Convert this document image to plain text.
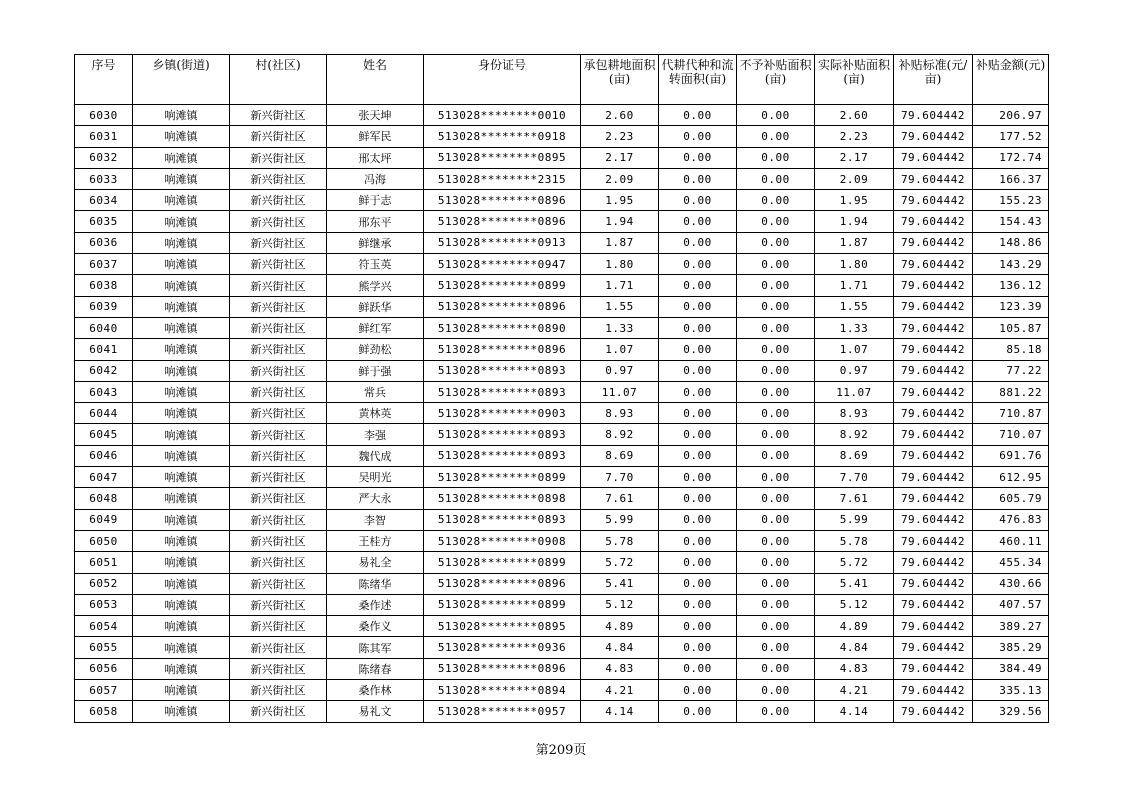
序号	乡镇(街道)	村(社区)	姓名	身份证号	承包耕地面积(亩)	代耕代种和流转面积(亩)	不予补贴面积(亩)	实际补贴面积(亩)	补贴标准(元/亩)	补贴金额(元)
6030	响滩镇	新兴街社区	张天坤	513028********0010	2.60	0.00	0.00	2.60	79.604442	206.97
6031	响滩镇	新兴街社区	鲜军民	513028********0918	2.23	0.00	0.00	2.23	79.604442	177.52
6032	响滩镇	新兴街社区	邢太坪	513028********0895	2.17	0.00	0.00	2.17	79.604442	172.74
6033	响滩镇	新兴街社区	冯海	513028********2315	2.09	0.00	0.00	2.09	79.604442	166.37
6034	响滩镇	新兴街社区	鲜于志	513028********0896	1.95	0.00	0.00	1.95	79.604442	155.23
6035	响滩镇	新兴街社区	邢东平	513028********0896	1.94	0.00	0.00	1.94	79.604442	154.43
6036	响滩镇	新兴街社区	鲜继承	513028********0913	1.87	0.00	0.00	1.87	79.604442	148.86
6037	响滩镇	新兴街社区	符玉英	513028********0947	1.80	0.00	0.00	1.80	79.604442	143.29
6038	响滩镇	新兴街社区	熊学兴	513028********0899	1.71	0.00	0.00	1.71	79.604442	136.12
6039	响滩镇	新兴街社区	鲜跃华	513028********0896	1.55	0.00	0.00	1.55	79.604442	123.39
6040	响滩镇	新兴街社区	鲜红军	513028********0890	1.33	0.00	0.00	1.33	79.604442	105.87
6041	响滩镇	新兴街社区	鲜劲松	513028********0896	1.07	0.00	0.00	1.07	79.604442	85.18
6042	响滩镇	新兴街社区	鲜于强	513028********0893	0.97	0.00	0.00	0.97	79.604442	77.22
6043	响滩镇	新兴街社区	常兵	513028********0893	11.07	0.00	0.00	11.07	79.604442	881.22
6044	响滩镇	新兴街社区	黄林英	513028********0903	8.93	0.00	0.00	8.93	79.604442	710.87
6045	响滩镇	新兴街社区	李强	513028********0893	8.92	0.00	0.00	8.92	79.604442	710.07
6046	响滩镇	新兴街社区	魏代成	513028********0893	8.69	0.00	0.00	8.69	79.604442	691.76
6047	响滩镇	新兴街社区	吴明光	513028********0899	7.70	0.00	0.00	7.70	79.604442	612.95
6048	响滩镇	新兴街社区	严大永	513028********0898	7.61	0.00	0.00	7.61	79.604442	605.79
6049	响滩镇	新兴街社区	李智	513028********0893	5.99	0.00	0.00	5.99	79.604442	476.83
6050	响滩镇	新兴街社区	王桂方	513028********0908	5.78	0.00	0.00	5.78	79.604442	460.11
6051	响滩镇	新兴街社区	易礼全	513028********0899	5.72	0.00	0.00	5.72	79.604442	455.34
6052	响滩镇	新兴街社区	陈绪华	513028********0896	5.41	0.00	0.00	5.41	79.604442	430.66
6053	响滩镇	新兴街社区	桑作述	513028********0899	5.12	0.00	0.00	5.12	79.604442	407.57
6054	响滩镇	新兴街社区	桑作义	513028********0895	4.89	0.00	0.00	4.89	79.604442	389.27
6055	响滩镇	新兴街社区	陈其军	513028********0936	4.84	0.00	0.00	4.84	79.604442	385.29
6056	响滩镇	新兴街社区	陈绪春	513028********0896	4.83	0.00	0.00	4.83	79.604442	384.49
6057	响滩镇	新兴街社区	桑作林	513028********0894	4.21	0.00	0.00	4.21	79.604442	335.13
6058	响滩镇	新兴街社区	易礼文	513028********0957	4.14	0.00	0.00	4.14	79.604442	329.56
第209页
